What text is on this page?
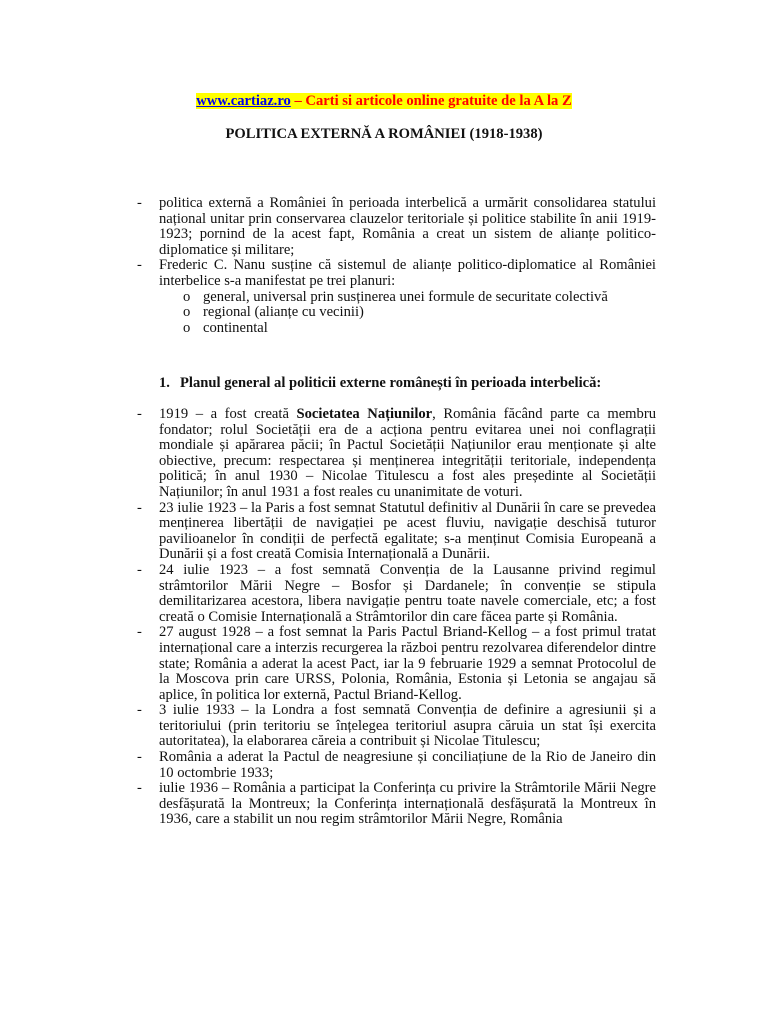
www.cartiaz.ro – Carti si articole online gratuite de la A la Z
POLITICA EXTERNĂ A ROMÂNIEI (1918-1938)
- politica externă a României în perioada interbelică a urmărit consolidarea statului național unitar prin conservarea clauzelor teritoriale și politice stabilite în anii 1919-1923; pornind de la acest fapt, România a creat un sistem de alianțe politico-diplomatice și militare;
- Frederic C. Nanu susține că sistemul de alianțe politico-diplomatice al României interbelice s-a manifestat pe trei planuri:
o general, universal prin susținerea unei formule de securitate colectivă
o regional (alianțe cu vecinii)
o continental
1. Planul general al politicii externe românești în perioada interbelică:
- 1919 – a fost creată Societatea Națiunilor, România făcând parte ca membru fondator; rolul Societății era de a acționa pentru evitarea unei noi conflagrații mondiale și apărarea păcii; în Pactul Societății Națiunilor erau menționate și alte obiective, precum: respectarea și menținerea integrității teritoriale, independența politică; în anul 1930 – Nicolae Titulescu a fost ales președinte al Societății Națiunilor; în anul 1931 a fost reales cu unanimitate de voturi.
- 23 iulie 1923 – la Paris a fost semnat Statutul definitiv al Dunării în care se prevedea menținerea libertății de navigației pe acest fluviu, navigație deschisă tuturor pavilioanelor în condiții de perfectă egalitate; s-a menținut Comisia Europeană a Dunării și a fost creată Comisia Internațională a Dunării.
- 24 iulie 1923 – a fost semnată Convenția de la Lausanne privind regimul strâmtorilor Mării Negre – Bosfor și Dardanele; în convenție se stipula demilitarizarea acestora, libera navigație pentru toate navele comerciale, etc; a fost creată o Comisie Internațională a Strâmtorilor din care făcea parte și România.
- 27 august 1928 – a fost semnat la Paris Pactul Briand-Kellog – a fost primul tratat internațional care a interzis recurgerea la război pentru rezolvarea diferendelor dintre state; România a aderat la acest Pact, iar la 9 februarie 1929 a semnat Protocolul de la Moscova prin care URSS, Polonia, România, Estonia și Letonia se angajau să aplice, în politica lor externă, Pactul Briand-Kellog.
- 3 iulie 1933 – la Londra a fost semnată Convenția de definire a agresiunii și a teritoriului (prin teritoriu se înțelegea teritoriul asupra căruia un stat își exercita autoritatea), la elaborarea căreia a contribuit și Nicolae Titulescu;
- România a aderat la Pactul de neagresiune și conciliațiune de la Rio de Janeiro din 10 octombrie 1933;
- iulie 1936 – România a participat la Conferința cu privire la Strâmtorile Mării Negre desfășurată la Montreux; la Conferința internațională desfășurată la Montreux în 1936, care a stabilit un nou regim strâmtorilor Mării Negre, România
